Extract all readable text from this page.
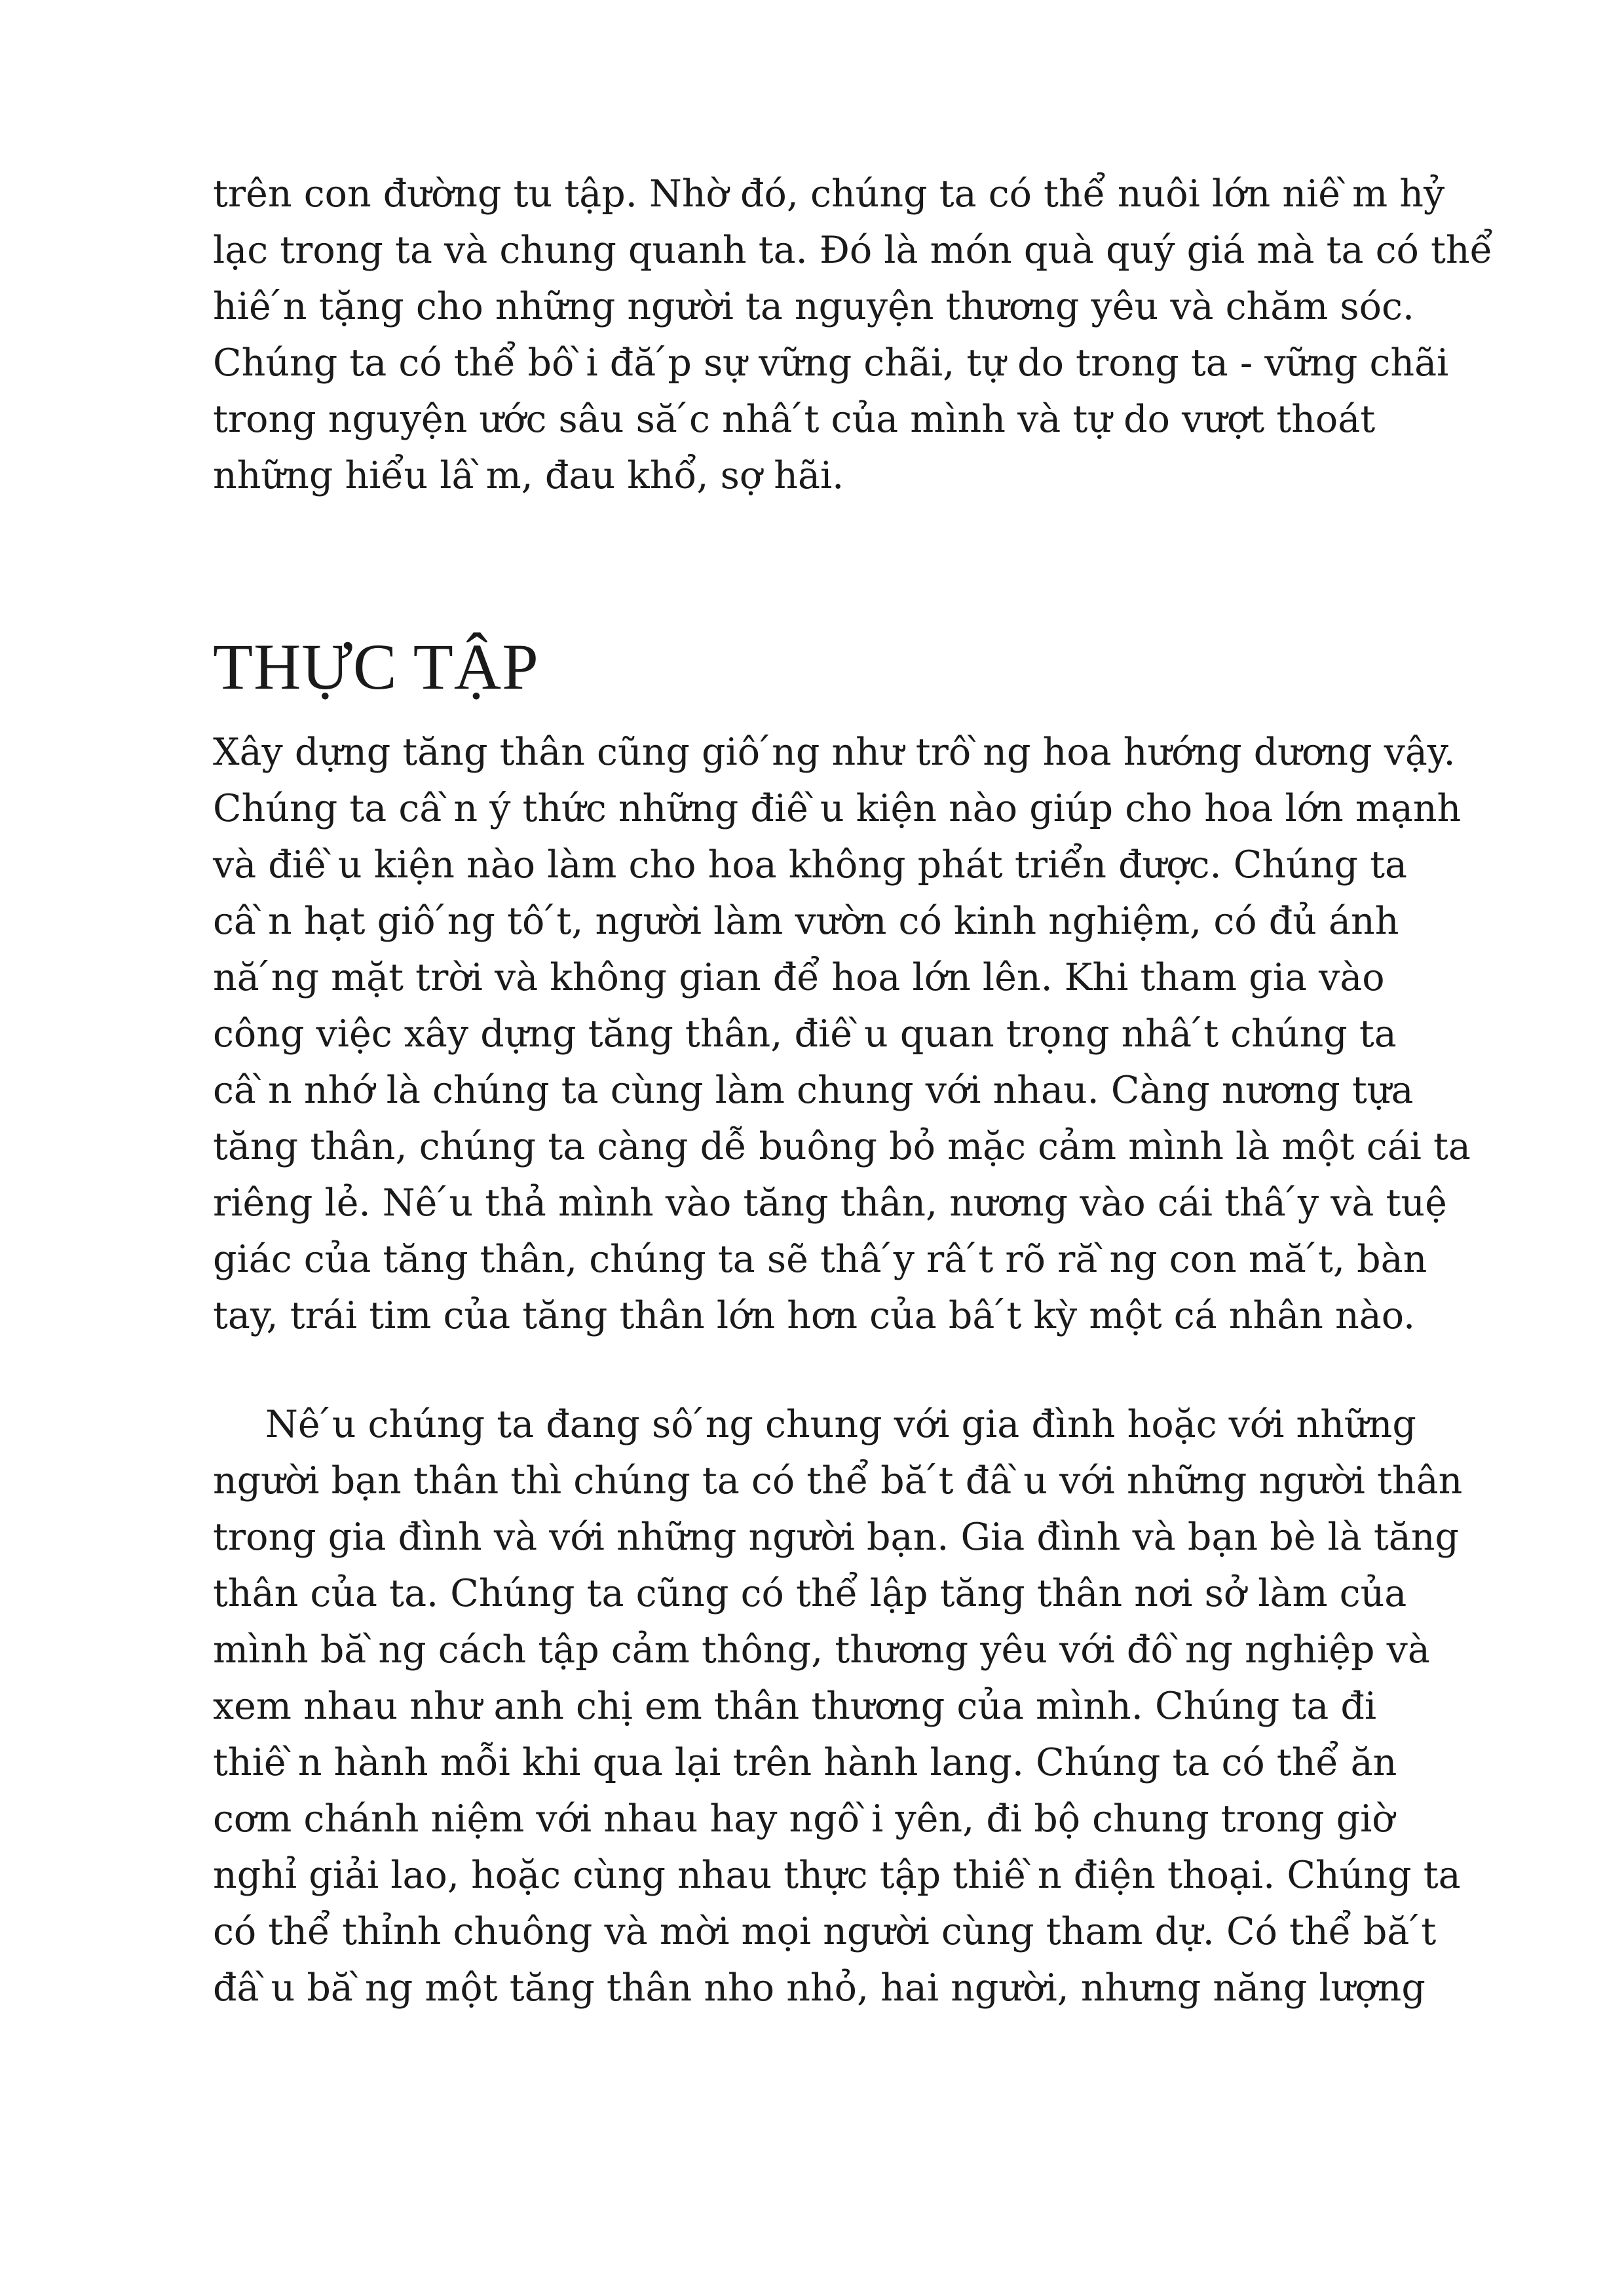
trên con đường tu tập. Nhờ đó, chúng ta có thể nuôi lớn niê ̀m hỷ
lạc trong ta và chung quanh ta. Đó là món quà quý giá mà ta có thể
hiê ́n tặng cho những người ta nguyện thương yêu và chăm sóc.
Chúng ta có thể bô ̀i đă ́p sự vững chãi, tự do trong ta - vững chãi
trong nguyện ước sâu să ́c nhâ ́t của mình và tự do vượt thoát
những hiểu lâ ̀m, đau khổ, sợ hãi.
THỰC TẬP
Xây dựng tăng thân cũng giô ́ng như trô ̀ng hoa hướng dương vậy.
Chúng ta câ ̀n ý thức những điê ̀u kiện nào giúp cho hoa lớn mạnh
và điê ̀u kiện nào làm cho hoa không phát triển được. Chúng ta
câ ̀n hạt giô ́ng tô ́t, người làm vườn có kinh nghiệm, có đủ ánh
nă ́ng mặt trời và không gian để hoa lớn lên. Khi tham gia vào
công việc xây dựng tăng thân, điê ̀u quan trọng nhâ ́t chúng ta
câ ̀n nhớ là chúng ta cùng làm chung với nhau. Càng nương tựa
tăng thân, chúng ta càng dễ buông bỏ mặc cảm mình là một cái ta
riêng lẻ. Nê ́u thả mình vào tăng thân, nương vào cái thâ ́y và tuệ
giác của tăng thân, chúng ta sẽ thâ ́y râ ́t rõ ră ̀ng con mă ́t, bàn
tay, trái tim của tăng thân lớn hơn của bâ ́t kỳ một cá nhân nào.
Nê ́u chúng ta đang sô ́ng chung với gia đình hoặc với những
người bạn thân thì chúng ta có thể bă ́t đâ ̀u với những người thân
trong gia đình và với những người bạn. Gia đình và bạn bè là tăng
thân của ta. Chúng ta cũng có thể lập tăng thân nơi sở làm của
mình bă ̀ng cách tập cảm thông, thương yêu với đô ̀ng nghiệp và
xem nhau như anh chị em thân thương của mình. Chúng ta đi
thiê ̀n hành mỗi khi qua lại trên hành lang. Chúng ta có thể ăn
cơm chánh niệm với nhau hay ngô ̀i yên, đi bộ chung trong giờ
nghỉ giải lao, hoặc cùng nhau thực tập thiê ̀n điện thoại. Chúng ta
có thể thỉnh chuông và mời mọi người cùng tham dự. Có thể bă ́t
đâ ̀u bă ̀ng một tăng thân nho nhỏ, hai người, nhưng năng lượng
